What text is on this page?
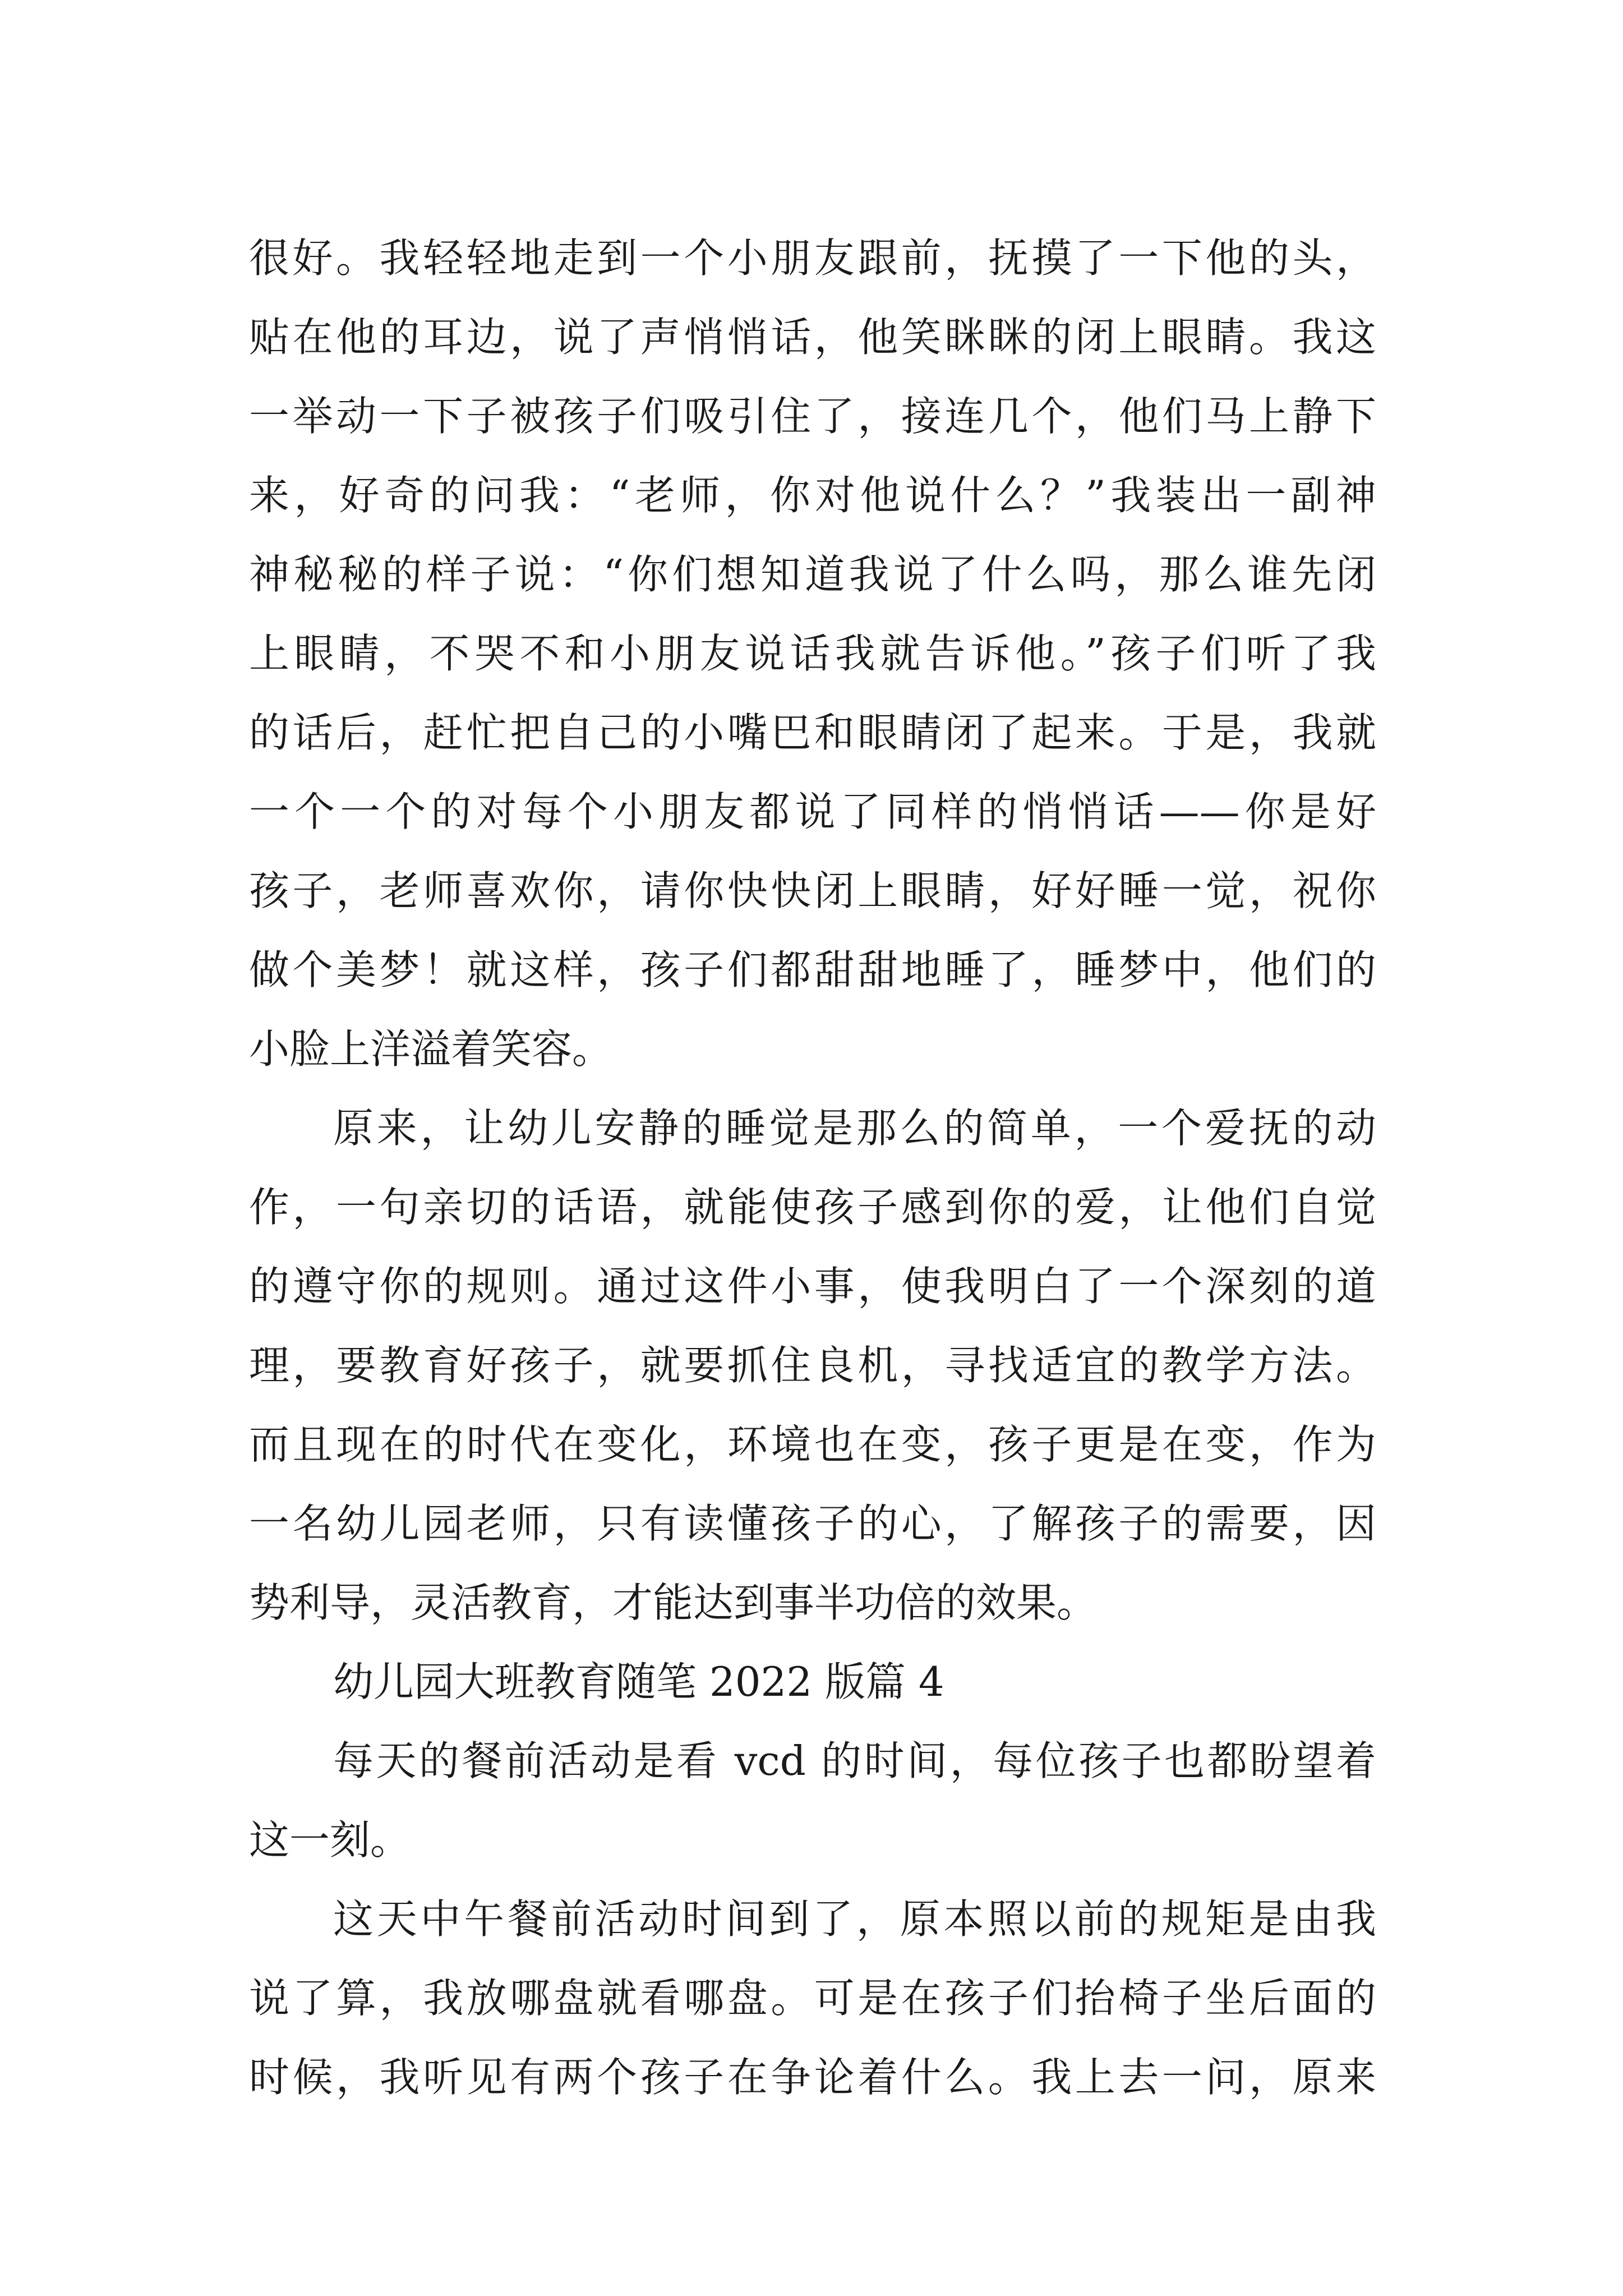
很好。我轻轻地走到一个小朋友跟前，抚摸了一下他的头，
贴在他的耳边，说了声悄悄话，他笑眯眯的闭上眼睛。我这
一举动一下子被孩子们吸引住了，接连几个，他们马上静下
来，好奇的问我：“老师，你对他说什么？”我装出一副神
神秘秘的样子说：“你们想知道我说了什么吗，那么谁先闭
上眼睛，不哭不和小朋友说话我就告诉他。”孩子们听了我
的话后，赶忙把自己的小嘴巴和眼睛闭了起来。于是，我就
一个一个的对每个小朋友都说了同样的悄悄话——你是好
孩子，老师喜欢你，请你快快闭上眼睛，好好睡一觉，祝你
做个美梦！就这样，孩子们都甜甜地睡了，睡梦中，他们的
小脸上洋溢着笑容。
原来，让幼儿安静的睡觉是那么的简单，一个爱抚的动
作，一句亲切的话语，就能使孩子感到你的爱，让他们自觉
的遵守你的规则。通过这件小事，使我明白了一个深刻的道
理，要教育好孩子，就要抓住良机，寻找适宜的教学方法。
而且现在的时代在变化，环境也在变，孩子更是在变，作为
一名幼儿园老师，只有读懂孩子的心，了解孩子的需要，因
势利导，灵活教育，才能达到事半功倍的效果。
幼儿园大班教育随笔 2022 版篇 4
每天的餐前活动是看 vcd 的时间，每位孩子也都盼望着
这一刻。
这天中午餐前活动时间到了，原本照以前的规矩是由我
说了算，我放哪盘就看哪盘。可是在孩子们抬椅子坐后面的
时候，我听见有两个孩子在争论着什么。我上去一问，原来
